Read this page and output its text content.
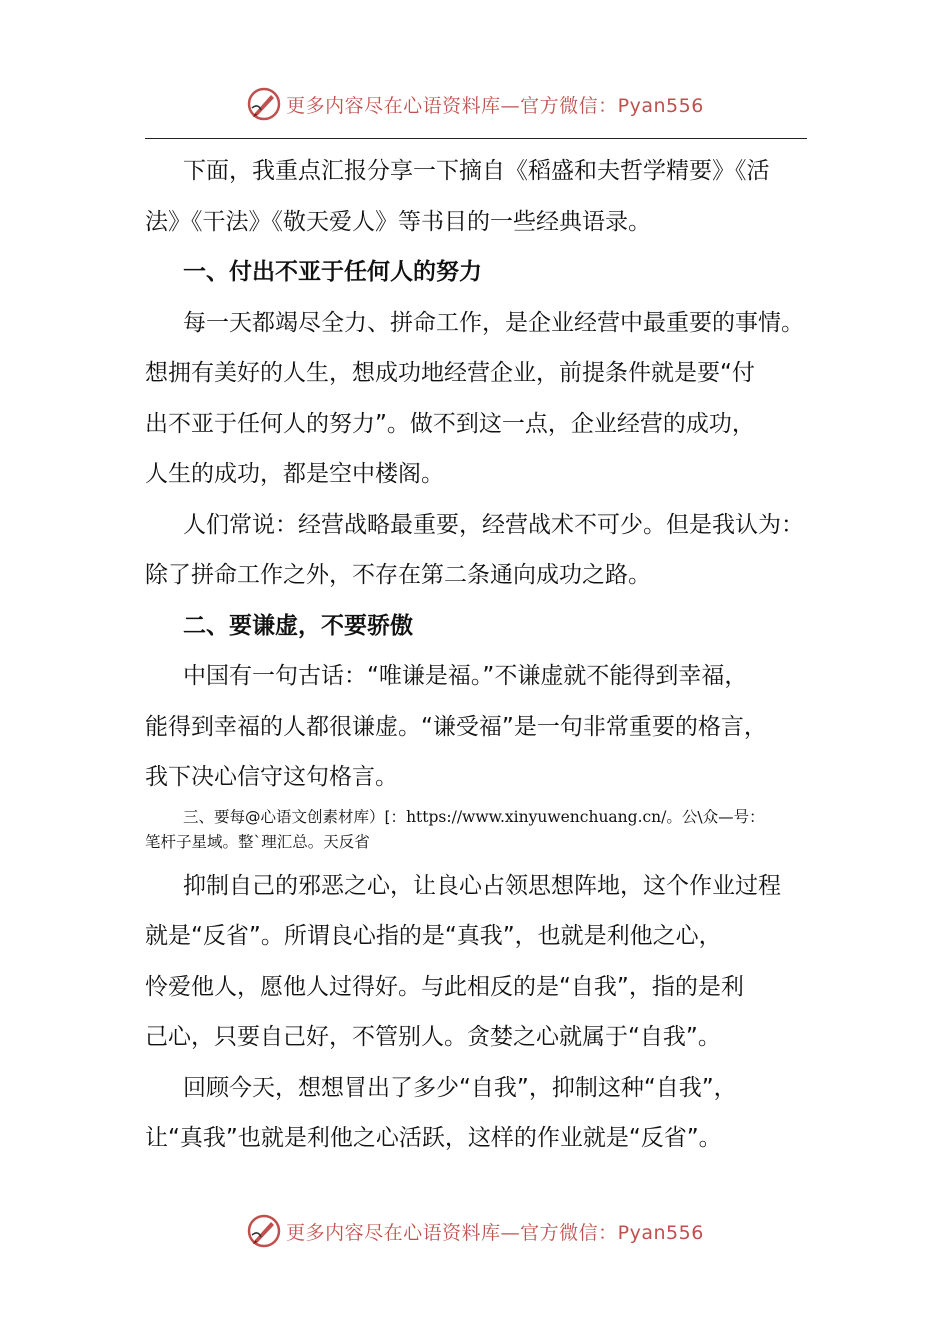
更多内容尽在心语资料库—官方微信：Pyan556

下面，我重点汇报分享一下摘自《稻盛和夫哲学精要》《活

法》《干法》《敬天爱人》等书目的一些经典语录。

一、付出不亚于任何人的努力

每一天都竭尽全力、拼命工作，是企业经营中最重要的事情。

想拥有美好的人生，想成功地经营企业，前提条件就是要“付

出不亚于任何人的努力”。做不到这一点，企业经营的成功，

人生的成功，都是空中楼阁。

人们常说：经营战略最重要，经营战术不可少。但是我认为：

除了拼命工作之外，不存在第二条通向成功之路。

二、要谦虚，不要骄傲

中国有一句古话：“唯谦是福。”不谦虚就不能得到幸福，

能得到幸福的人都很谦虚。“谦受福”是一句非常重要的格言，

我下决心信守这句格言。

三、要每@心语文创素材库）[：https://www.xinyuwenchuang.cn/。公\众—号：
笔杆子星域。整`理汇总。天反省

抑制自己的邪恶之心，让良心占领思想阵地，这个作业过程

就是“反省”。所谓良心指的是“真我”，也就是利他之心，

怜爱他人，愿他人过得好。与此相反的是“自我”，指的是利

己心，只要自己好，不管别人。贪婪之心就属于“自我”。

回顾今天，想想冒出了多少“自我”，抑制这种“自我”，

让“真我”也就是利他之心活跃，这样的作业就是“反省”。

更多内容尽在心语资料库—官方微信：Pyan556
